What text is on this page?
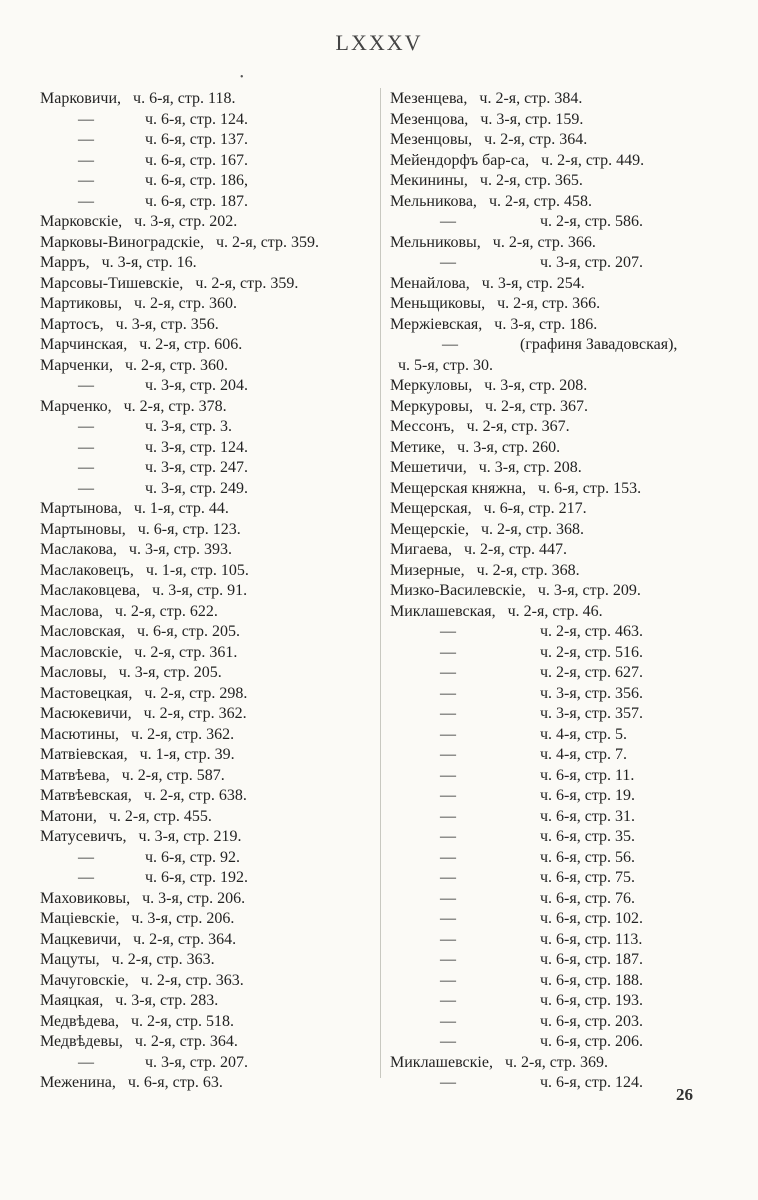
LXXXV
•
Марковичи, ч. 6-я, стр. 118.
—	ч. 6-я, стр. 124.
—	ч. 6-я, стр. 137.
—	ч. 6-я, стр. 167.
—	ч. 6-я, стр. 186,
—	ч. 6-я, стр. 187.
Марковскіе, ч. 3-я, стр. 202.
Марковы-Виноградскіе, ч. 2-я, стр. 359.
Марръ, ч. 3-я, стр. 16.
Марсовы-Тишевскіе, ч. 2-я, стр. 359.
Мартиковы, ч. 2-я, стр. 360.
Мартосъ, ч. 3-я, стр. 356.
Марчинская, ч. 2-я, стр. 606.
Марченки, ч. 2-я, стр. 360.
—	ч. 3-я, стр. 204.
Марченко, ч. 2-я, стр. 378.
—	ч. 3-я, стр. 3.
—	ч. 3-я, стр. 124.
—	ч. 3-я, стр. 247.
—	ч. 3-я, стр. 249.
Мартынова, ч. 1-я, стр. 44.
Мартыновы, ч. 6-я, стр. 123.
Маслакова, ч. 3-я, стр. 393.
Маслаковецъ, ч. 1-я, стр. 105.
Маслаковцева, ч. 3-я, стр. 91.
Маслова, ч. 2-я, стр. 622.
Масловская, ч. 6-я, стр. 205.
Масловскіе, ч. 2-я, стр. 361.
Масловы, ч. 3-я, стр. 205.
Мастовецкая, ч. 2-я, стр. 298.
Масюкевичи, ч. 2-я, стр. 362.
Масютины, ч. 2-я, стр. 362.
Матвіевская, ч. 1-я, стр. 39.
Матвѣева, ч. 2-я, стр. 587.
Матвѣевская, ч. 2-я, стр. 638.
Матони, ч. 2-я, стр. 455.
Матусевичъ, ч. 3-я, стр. 219.
—	ч. 6-я, стр. 92.
—	ч. 6-я, стр. 192.
Маховиковы, ч. 3-я, стр. 206.
Маціевскіе, ч. 3-я, стр. 206.
Мацкевичи, ч. 2-я, стр. 364.
Мацуты, ч. 2-я, стр. 363.
Мачуговскіе, ч. 2-я, стр. 363.
Маяцкая, ч. 3-я, стр. 283.
Медвѣдева, ч. 2-я, стр. 518.
Медвѣдевы, ч. 2-я, стр. 364.
—	ч. 3-я, стр. 207.
Меженина, ч. 6-я, стр. 63.
Мезенцева, ч. 2-я, стр. 384.
Мезенцова, ч. 3-я, стр. 159.
Мезенцовы, ч. 2-я, стр. 364.
Мейендорфъ бар-са, ч. 2-я, стр. 449.
Мекинины, ч. 2-я, стр. 365.
Мельникова, ч. 2-я, стр. 458.
—	ч. 2-я, стр. 586.
Мельниковы, ч. 2-я, стр. 366.
—	ч. 3-я, стр. 207.
Менайлова, ч. 3-я, стр. 254.
Меньщиковы, ч. 2-я, стр. 366.
Мержіевская, ч. 3-я, стр. 186.
—	(графиня Завадовская),
ч. 5-я, стр. 30.
Меркуловы, ч. 3-я, стр. 208.
Меркуровы, ч. 2-я, стр. 367.
Мессонъ, ч. 2-я, стр. 367.
Метике, ч. 3-я, стр. 260.
Мешетичи, ч. 3-я, стр. 208.
Мещерская княжна, ч. 6-я, стр. 153.
Мещерская, ч. 6-я, стр. 217.
Мещерскіе, ч. 2-я, стр. 368.
Мигаева, ч. 2-я, стр. 447.
Мизерные, ч. 2-я, стр. 368.
Мизко-Василевскіе, ч. 3-я, стр. 209.
Миклашевская, ч. 2-я, стр. 46.
—	ч. 2-я, стр. 463.
—	ч. 2-я, стр. 516.
—	ч. 2-я, стр. 627.
—	ч. 3-я, стр. 356.
—	ч. 3-я, стр. 357.
—	ч. 4-я, стр. 5.
—	ч. 4-я, стр. 7.
—	ч. 6-я, стр. 11.
—	ч. 6-я, стр. 19.
—	ч. 6-я, стр. 31.
—	ч. 6-я, стр. 35.
—	ч. 6-я, стр. 56.
—	ч. 6-я, стр. 75.
—	ч. 6-я, стр. 76.
—	ч. 6-я, стр. 102.
—	ч. 6-я, стр. 113.
—	ч. 6-я, стр. 187.
—	ч. 6-я, стр. 188.
—	ч. 6-я, стр. 193.
—	ч. 6-я, стр. 203.
—	ч. 6-я, стр. 206.
Миклашевскіе, ч. 2-я, стр. 369.
—	ч. 6-я, стр. 124.
26
